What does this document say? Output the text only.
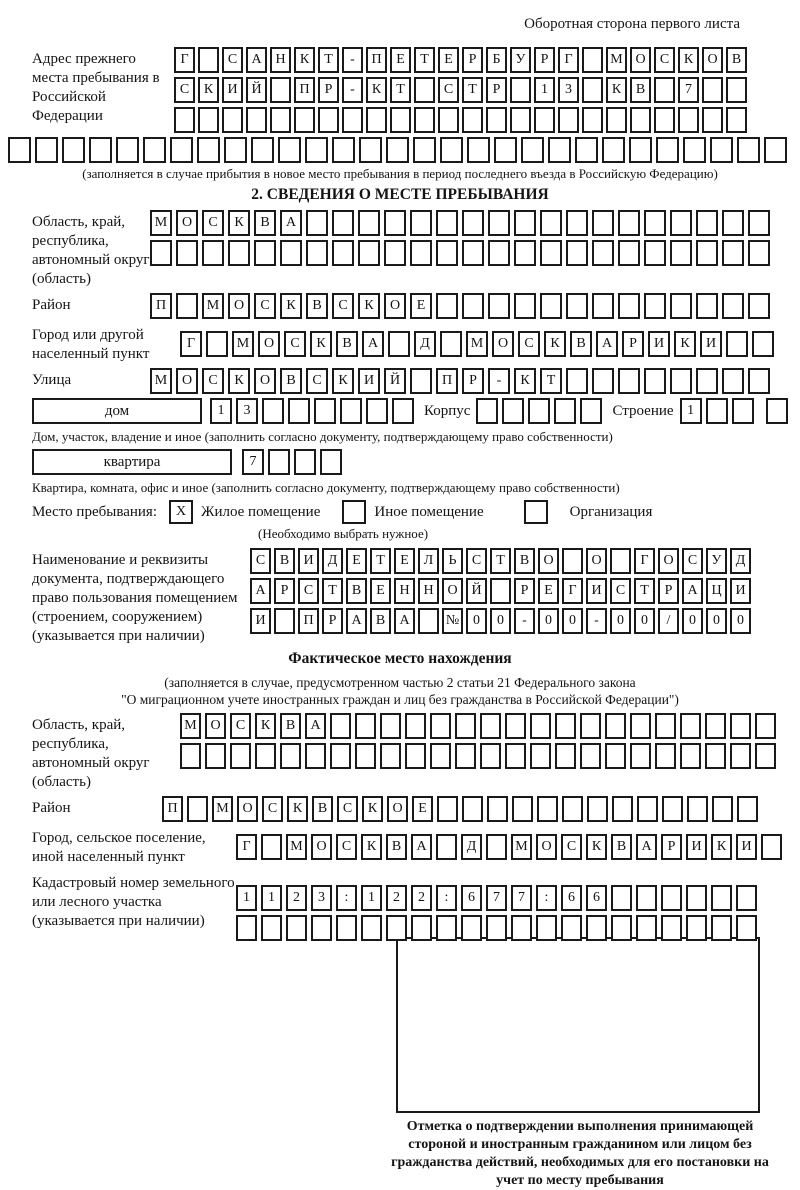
Оборотная сторона первого листа
Адрес прежнего места пребывания в Российской Федерации
Г	С	А Н	К	Т	-	П	Е	Т	Е	Р	Б	У	Р	Г	М О	С	К	О	В
С	К	И Й	П	Р	-	К	Т	С	Т	Р	1	3	К	В	7
(заполняется в случае прибытия в новое место пребывания в период последнего въезда в Российскую Федерацию)
2. СВЕДЕНИЯ О МЕСТЕ ПРЕБЫВАНИЯ
Область, край, республика, автономный округ (область)
М	О	С	К	В	А
Район	П	М	О	С	К	В	С	К	О	Е
Город или другой населенный пункт
Г	М	О	С	К	В	А	Д	М	О	С	К	В	А	Р	И	К	И
Улица	М	О	С	К	О	В	С	К	И	Й	П	Р	-	К	Т
дом	1	3	Корпус	Строение 1
Дом, участок, владение и иное (заполнить согласно документу, подтверждающему право собственности)
квартира	7
Квартира, комната, офис и иное (заполнить согласно документу, подтверждающему право собственности)
Место пребывания:	X Жилое помещение	Иное помещение	Организация
(Необходимо выбрать нужное)
Наименование и реквизиты документа, подтверждающего право пользования помещением (строением, сооружением) (указывается при наличии)
С	В	И	Д	Е	Т	Е	Л	Ь	С	Т	В	О	О	Г	О	С	У	Д
А	Р	С	Т	В	Е	Н Н О Й	Р	Е	Г	И	С	Т	Р	А Ц И
И	П	Р	А	В	А	№ 0	0	-	0	0	-	0	0	/	0	0	0
Фактическое место нахождения
(заполняется в случае, предусмотренном частью 2 статьи 21 Федерального закона
"О миграционном учете иностранных граждан и лиц без гражданства в Российской Федерации")
Область, край, республика, автономный округ (область)
М О	С	К	В	А
Район	П	М О	С	К	В	С	К	О	Е
Город, сельское поселение, иной населенный пункт
Г	М О	С	К	В	А	Д	М О	С	К	В	А	Р	И	К	И
Кадастровый номер земельного или лесного участка (указывается при наличии)
1	1	2	3	:	1	2	2	:	6	7	7	:	6	6
Отметка о подтверждении выполнения принимающей стороной и иностранным гражданином или лицом без гражданства действий, необходимых для его постановки на учет по месту пребывания
